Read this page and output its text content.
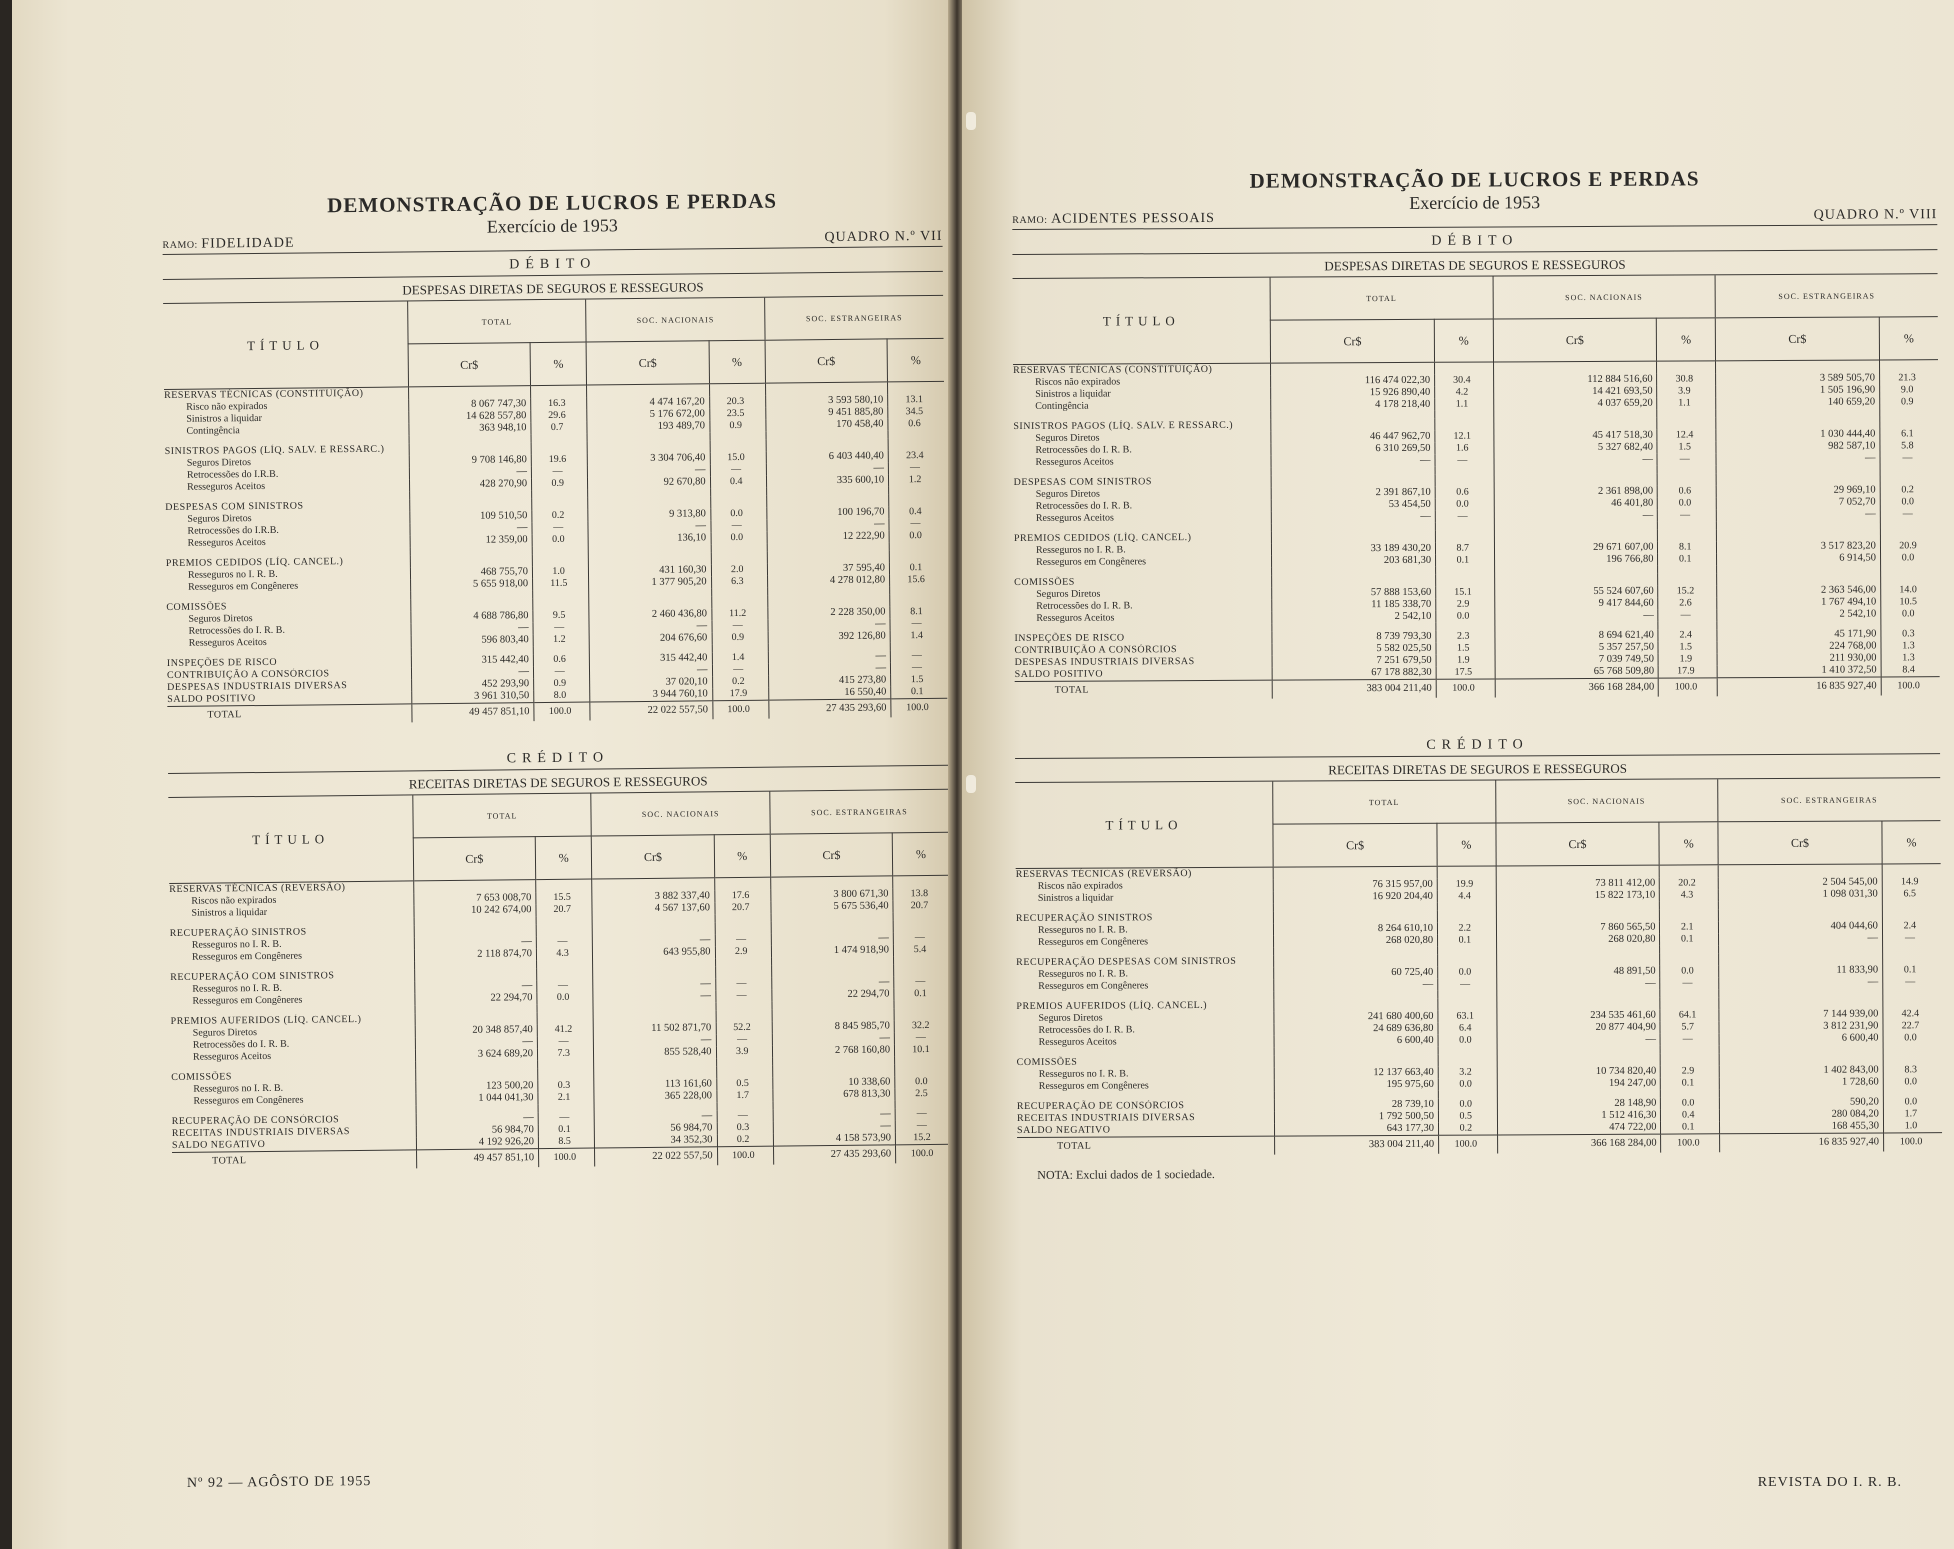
DEMONSTRAÇÃO DE LUCROS E PERDAS
Exercício de 1953
RAMO: FIDELIDADE	QUADRO N.º VII
DÉBITO
DESPESAS DIRETAS DE SEGUROS E RESSEGUROS
TÍTULO	TOTAL		SOC. NACIONAIS		SOC. ESTRANGEIRAS	
	Cr$	%	Cr$	%	Cr$	%
RESERVAS TÉCNICAS (CONSTITUIÇÃO)						
Risco não expirados	8 067 747,30	16.3	4 474 167,20	20.3	3 593 580,10	13.1
Sinistros a liquidar	14 628 557,80	29.6	5 176 672,00	23.5	9 451 885,80	34.5
Contingência	363 948,10	0.7	193 489,70	0.9	170 458,40	0.6

SINISTROS PAGOS (LÍQ. SALV. E RESSARC.)						
Seguros Diretos	9 708 146,80	19.6	3 304 706,40	15.0	6 403 440,40	23.4
Retrocessões do I.R.B.	—	—	—	—	—	—
Resseguros Aceitos	428 270,90	0.9	92 670,80	0.4	335 600,10	1.2

DESPESAS COM SINISTROS						
Seguros Diretos	109 510,50	0.2	9 313,80	0.0	100 196,70	0.4
Retrocessões do I.R.B.	—	—	—	—	—	—
Resseguros Aceitos	12 359,00	0.0	136,10	0.0	12 222,90	0.0

PREMIOS CEDIDOS (LÍQ. CANCEL.)						
Resseguros no I. R. B.	468 755,70	1.0	431 160,30	2.0	37 595,40	0.1
Resseguros em Congêneres	5 655 918,00	11.5	1 377 905,20	6.3	4 278 012,80	15.6

COMISSÕES						
Seguros Diretos	4 688 786,80	9.5	2 460 436,80	11.2	2 228 350,00	8.1
Retrocessões do I. R. B.	—	—	—	—	—	—
Resseguros Aceitos	596 803,40	1.2	204 676,60	0.9	392 126,80	1.4

INSPEÇÕES DE RISCO	315 442,40	0.6	315 442,40	1.4	—	—
CONTRIBUIÇÃO A CONSÓRCIOS	—	—	—	—	—	—
DESPESAS INDUSTRIAIS DIVERSAS	452 293,90	0.9	37 020,10	0.2	415 273,80	1.5
SALDO POSITIVO	3 961 310,50	8.0	3 944 760,10	17.9	16 550,40	0.1
TOTAL	49 457 851,10	100.0	22 022 557,50	100.0	27 435 293,60	100.0
CRÉDITO
RECEITAS DIRETAS DE SEGUROS E RESSEGUROS
TÍTULO	TOTAL		SOC. NACIONAIS		SOC. ESTRANGEIRAS	
	Cr$	%	Cr$	%	Cr$	%
RESERVAS TÉCNICAS (REVERSÃO)						
Riscos não expirados	7 653 008,70	15.5	3 882 337,40	17.6	3 800 671,30	13.8
Sinistros a liquidar	10 242 674,00	20.7	4 567 137,60	20.7	5 675 536,40	20.7

RECUPERAÇÃO SINISTROS						
Resseguros no I. R. B.	—	—	—	—	—	—
Resseguros em Congêneres	2 118 874,70	4.3	643 955,80	2.9	1 474 918,90	5.4

RECUPERAÇÃO COM SINISTROS						
Resseguros no I. R. B.	—	—	—	—	—	—
Resseguros em Congêneres	22 294,70	0.0	—	—	22 294,70	0.1

PREMIOS AUFERIDOS (LÍQ. CANCEL.)						
Seguros Diretos	20 348 857,40	41.2	11 502 871,70	52.2	8 845 985,70	32.2
Retrocessões do I. R. B.	—	—	—	—	—	—
Resseguros Aceitos	3 624 689,20	7.3	855 528,40	3.9	2 768 160,80	10.1

COMISSÕES						
Resseguros no I. R. B.	123 500,20	0.3	113 161,60	0.5	10 338,60	0.0
Resseguros em Congêneres	1 044 041,30	2.1	365 228,00	1.7	678 813,30	2.5

RECUPERAÇÃO DE CONSÓRCIOS	—	—	—	—	—	—
RECEITAS INDUSTRIAIS DIVERSAS	56 984,70	0.1	56 984,70	0.3	—	—
SALDO NEGATIVO	4 192 926,20	8.5	34 352,30	0.2	4 158 573,90	15.2
TOTAL	49 457 851,10	100.0	22 022 557,50	100.0	27 435 293,60	100.0
Nº 92 — AGÔSTO DE 1955
DEMONSTRAÇÃO DE LUCROS E PERDAS
Exercício de 1953
RAMO: ACIDENTES PESSOAIS	QUADRO N.º VIII
DÉBITO
DESPESAS DIRETAS DE SEGUROS E RESSEGUROS
TÍTULO	TOTAL		SOC. NACIONAIS		SOC. ESTRANGEIRAS	
	Cr$	%	Cr$	%	Cr$	%
RESERVAS TÉCNICAS (CONSTITUIÇÃO)						
Riscos não expirados	116 474 022,30	30.4	112 884 516,60	30.8	3 589 505,70	21.3
Sinistros a liquidar	15 926 890,40	4.2	14 421 693,50	3.9	1 505 196,90	9.0
Contingência	4 178 218,40	1.1	4 037 659,20	1.1	140 659,20	0.9

SINISTROS PAGOS (LÍQ. SALV. E RESSARC.)						
Seguros Diretos	46 447 962,70	12.1	45 417 518,30	12.4	1 030 444,40	6.1
Retrocessões do I. R. B.	6 310 269,50	1.6	5 327 682,40	1.5	982 587,10	5.8
Resseguros Aceitos	—	—	—	—	—	—

DESPESAS COM SINISTROS						
Seguros Diretos	2 391 867,10	0.6	2 361 898,00	0.6	29 969,10	0.2
Retrocessões do I. R. B.	53 454,50	0.0	46 401,80	0.0	7 052,70	0.0
Resseguros Aceitos	—	—	—	—	—	—

PREMIOS CEDIDOS (LÍQ. CANCEL.)						
Resseguros no I. R. B.	33 189 430,20	8.7	29 671 607,00	8.1	3 517 823,20	20.9
Resseguros em Congêneres	203 681,30	0.1	196 766,80	0.1	6 914,50	0.0

COMISSÕES						
Seguros Diretos	57 888 153,60	15.1	55 524 607,60	15.2	2 363 546,00	14.0
Retrocessões do I. R. B.	11 185 338,70	2.9	9 417 844,60	2.6	1 767 494,10	10.5
Resseguros Aceitos	2 542,10	0.0	—	—	2 542,10	0.0

INSPEÇÕES DE RISCO	8 739 793,30	2.3	8 694 621,40	2.4	45 171,90	0.3
CONTRIBUIÇÃO A CONSÓRCIOS	5 582 025,50	1.5	5 357 257,50	1.5	224 768,00	1.3
DESPESAS INDUSTRIAIS DIVERSAS	7 251 679,50	1.9	7 039 749,50	1.9	211 930,00	1.3
SALDO POSITIVO	67 178 882,30	17.5	65 768 509,80	17.9	1 410 372,50	8.4
TOTAL	383 004 211,40	100.0	366 168 284,00	100.0	16 835 927,40	100.0
CRÉDITO
RECEITAS DIRETAS DE SEGUROS E RESSEGUROS
TÍTULO	TOTAL		SOC. NACIONAIS		SOC. ESTRANGEIRAS	
	Cr$	%	Cr$	%	Cr$	%
RESERVAS TÉCNICAS (REVERSÃO)						
Riscos não expirados	76 315 957,00	19.9	73 811 412,00	20.2	2 504 545,00	14.9
Sinistros a liquidar	16 920 204,40	4.4	15 822 173,10	4.3	1 098 031,30	6.5

RECUPERAÇÃO SINISTROS						
Resseguros no I. R. B.	8 264 610,10	2.2	7 860 565,50	2.1	404 044,60	2.4
Resseguros em Congêneres	268 020,80	0.1	268 020,80	0.1	—	—

RECUPERAÇÃO DESPESAS COM SINISTROS						
Resseguros no I. R. B.	60 725,40	0.0	48 891,50	0.0	11 833,90	0.1
Resseguros em Congêneres	—	—	—	—	—	—

PREMIOS AUFERIDOS (LÍQ. CANCEL.)						
Seguros Diretos	241 680 400,60	63.1	234 535 461,60	64.1	7 144 939,00	42.4
Retrocessões do I. R. B.	24 689 636,80	6.4	20 877 404,90	5.7	3 812 231,90	22.7
Resseguros Aceitos	6 600,40	0.0	—	—	6 600,40	0.0

COMISSÕES						
Resseguros no I. R. B.	12 137 663,40	3.2	10 734 820,40	2.9	1 402 843,00	8.3
Resseguros em Congêneres	195 975,60	0.0	194 247,00	0.1	1 728,60	0.0

RECUPERAÇÃO DE CONSÓRCIOS	28 739,10	0.0	28 148,90	0.0	590,20	0.0
RECEITAS INDUSTRIAIS DIVERSAS	1 792 500,50	0.5	1 512 416,30	0.4	280 084,20	1.7
SALDO NEGATIVO	643 177,30	0.2	474 722,00	0.1	168 455,30	1.0
TOTAL	383 004 211,40	100.0	366 168 284,00	100.0	16 835 927,40	100.0
NOTA: Exclui dados de 1 sociedade.
REVISTA DO I. R. B.
